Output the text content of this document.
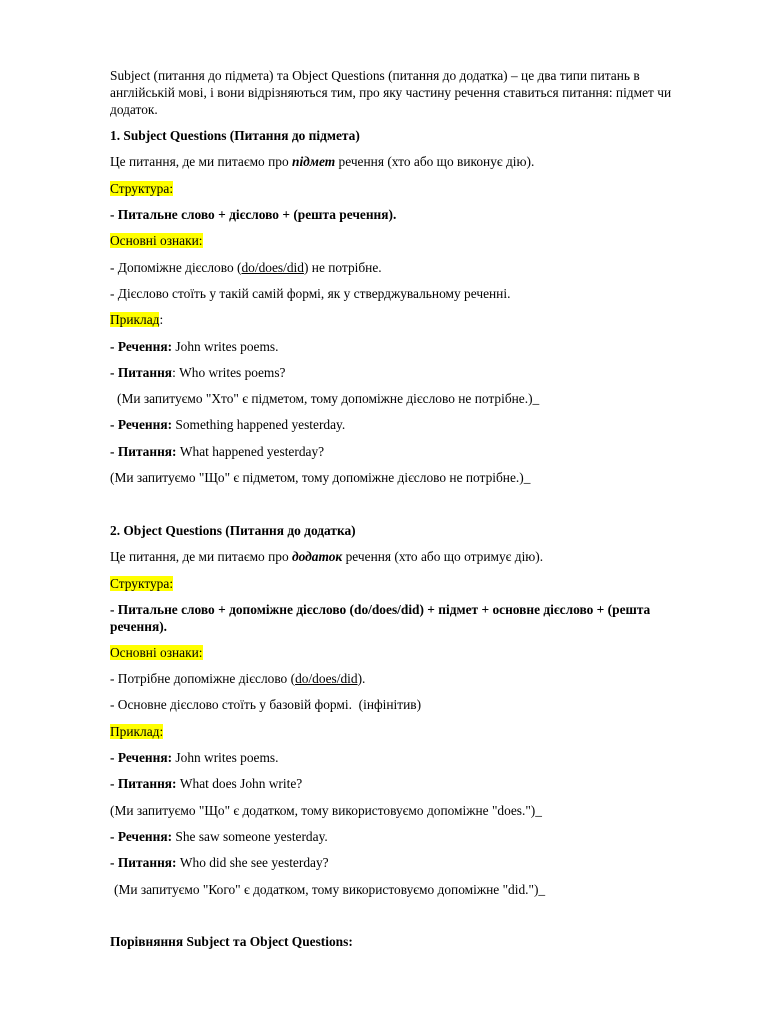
Subject (питання до підмета) та Object Questions (питання до додатка) – це два типи питань в
англійській мові, і вони відрізняються тим, про яку частину речення ставиться питання: підмет чи
додаток.
1. Subject Questions (Питання до підмета)
Це питання, де ми питаємо про підмет речення (хто або що виконує дію).
Структура:
- Питальне слово + дієслово + (решта речення).
Основні ознаки:
- Допоміжне дієслово (do/does/did) не потрібне.
- Дієслово стоїть у такій самій формі, як у стверджувальному реченні.
Приклад:
- Речення: John writes poems.
- Питання: Who writes poems?
(Ми запитуємо "Хто" є підметом, тому допоміжне дієслово не потрібне.)_
- Речення: Something happened yesterday.
- Питання: What happened yesterday?
(Ми запитуємо "Що" є підметом, тому допоміжне дієслово не потрібне.)_
2. Object Questions (Питання до додатка)
Це питання, де ми питаємо про додаток речення (хто або що отримує дію).
Структура:
- Питальне слово + допоміжне дієслово (do/does/did) + підмет + основне дієслово + (решта
речення).
Основні ознаки:
- Потрібне допоміжне дієслово (do/does/did).
- Основне дієслово стоїть у базовій формі.  (інфінітив)
Приклад:
- Речення: John writes poems.
- Питання: What does John write?
(Ми запитуємо "Що" є додатком, тому використовуємо допоміжне "does.")_
- Речення: She saw someone yesterday.
- Питання: Who did she see yesterday?
(Ми запитуємо "Кого" є додатком, тому використовуємо допоміжне "did.")_
Порівняння Subject та Object Questions:
